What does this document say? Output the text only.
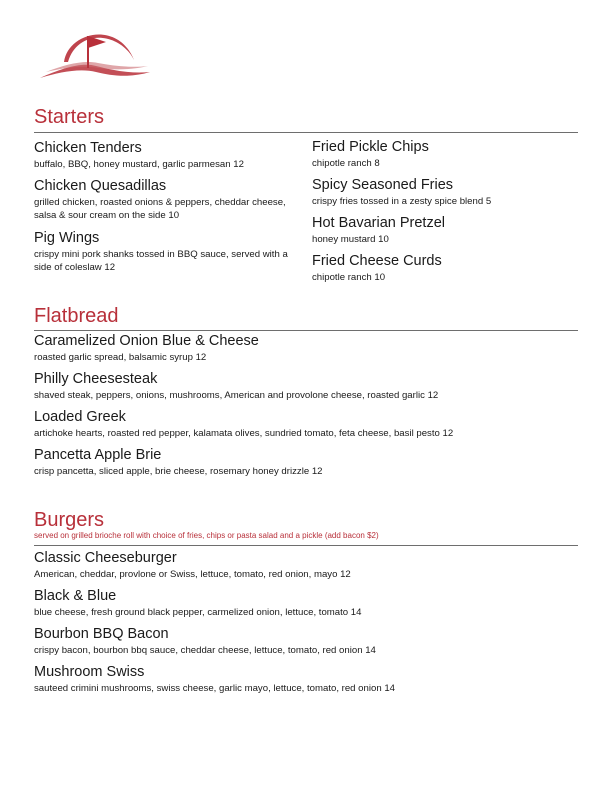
Starters
Chicken Tenders
buffalo, BBQ, honey mustard, garlic parmesan 12
Chicken Quesadillas
grilled chicken, roasted onions & peppers, cheddar cheese, salsa & sour cream on the side 10
Pig Wings
crispy mini pork shanks tossed in BBQ sauce, served with a side of coleslaw 12
Fried Pickle Chips
chipotle ranch 8
Spicy Seasoned Fries
crispy fries tossed in a zesty spice blend 5
Hot Bavarian Pretzel
honey mustard 10
Fried Cheese Curds
chipotle ranch 10
Flatbread
Caramelized Onion Blue & Cheese
roasted garlic spread, balsamic syrup 12
Philly Cheesesteak
shaved steak, peppers, onions, mushrooms, American and provolone cheese, roasted garlic 12
Loaded Greek
artichoke hearts, roasted red pepper, kalamata olives, sundried tomato, feta cheese, basil pesto 12
Pancetta Apple Brie
crisp pancetta, sliced apple, brie cheese, rosemary honey drizzle 12
Burgers
served on grilled brioche roll with choice of fries, chips or pasta salad and a pickle (add bacon $2)
Classic Cheeseburger
American, cheddar, provlone or Swiss, lettuce, tomato, red onion, mayo 12
Black & Blue
blue cheese, fresh ground black pepper, carmelized onion, lettuce, tomato 14
Bourbon BBQ Bacon
crispy bacon, bourbon bbq sauce, cheddar cheese, lettuce, tomato, red onion 14
Mushroom Swiss
sauteed crimini mushrooms, swiss cheese, garlic mayo, lettuce, tomato, red onion 14
